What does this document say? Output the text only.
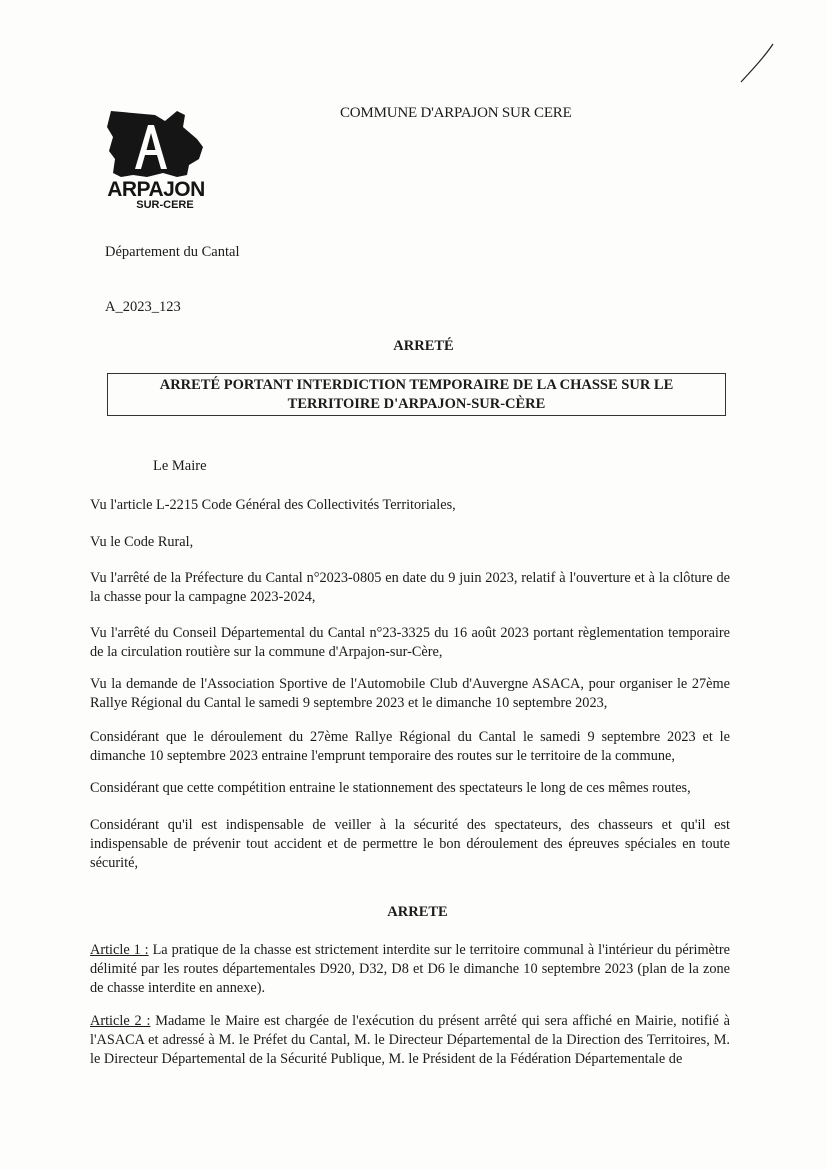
ARPAJON
SUR-CERE
COMMUNE D'ARPAJON SUR CERE
Département du Cantal
A_2023_123
ARRETÉ
ARRETÉ PORTANT INTERDICTION TEMPORAIRE DE LA CHASSE SUR LE
TERRITOIRE D'ARPAJON-SUR-CÈRE
Le Maire
Vu l'article L-2215 Code Général des Collectivités Territoriales,
Vu le Code Rural,
Vu l'arrêté de la Préfecture du Cantal n°2023-0805 en date du 9 juin 2023, relatif à l'ouverture et à la clôture de la chasse pour la campagne 2023-2024,
Vu l'arrêté du Conseil Départemental du Cantal n°23-3325 du 16 août 2023 portant règlementation temporaire de la circulation routière sur la commune d'Arpajon-sur-Cère,
Vu la demande de l'Association Sportive de l'Automobile Club d'Auvergne ASACA, pour organiser le 27ème Rallye Régional du Cantal le samedi 9 septembre 2023 et le dimanche 10 septembre 2023,
Considérant que le déroulement du 27ème Rallye Régional du Cantal le samedi 9 septembre 2023 et le dimanche 10 septembre 2023 entraine l'emprunt temporaire des routes sur le territoire de la commune,
Considérant que cette compétition entraine le stationnement des spectateurs le long de ces mêmes routes,
Considérant qu'il est indispensable de veiller à la sécurité des spectateurs, des chasseurs et qu'il est indispensable de prévenir tout accident et de permettre le bon déroulement des épreuves spéciales en toute sécurité,
ARRETE
Article 1 : La pratique de la chasse est strictement interdite sur le territoire communal à l'intérieur du périmètre délimité par les routes départementales D920, D32, D8 et D6 le dimanche 10 septembre 2023 (plan de la zone de chasse interdite en annexe).
Article 2 : Madame le Maire est chargée de l'exécution du présent arrêté qui sera affiché en Mairie, notifié à l'ASACA et adressé à M. le Préfet du Cantal, M. le Directeur Départemental de la Direction des Territoires, M. le Directeur Départemental de la Sécurité Publique, M. le Président de la Fédération Départementale de
